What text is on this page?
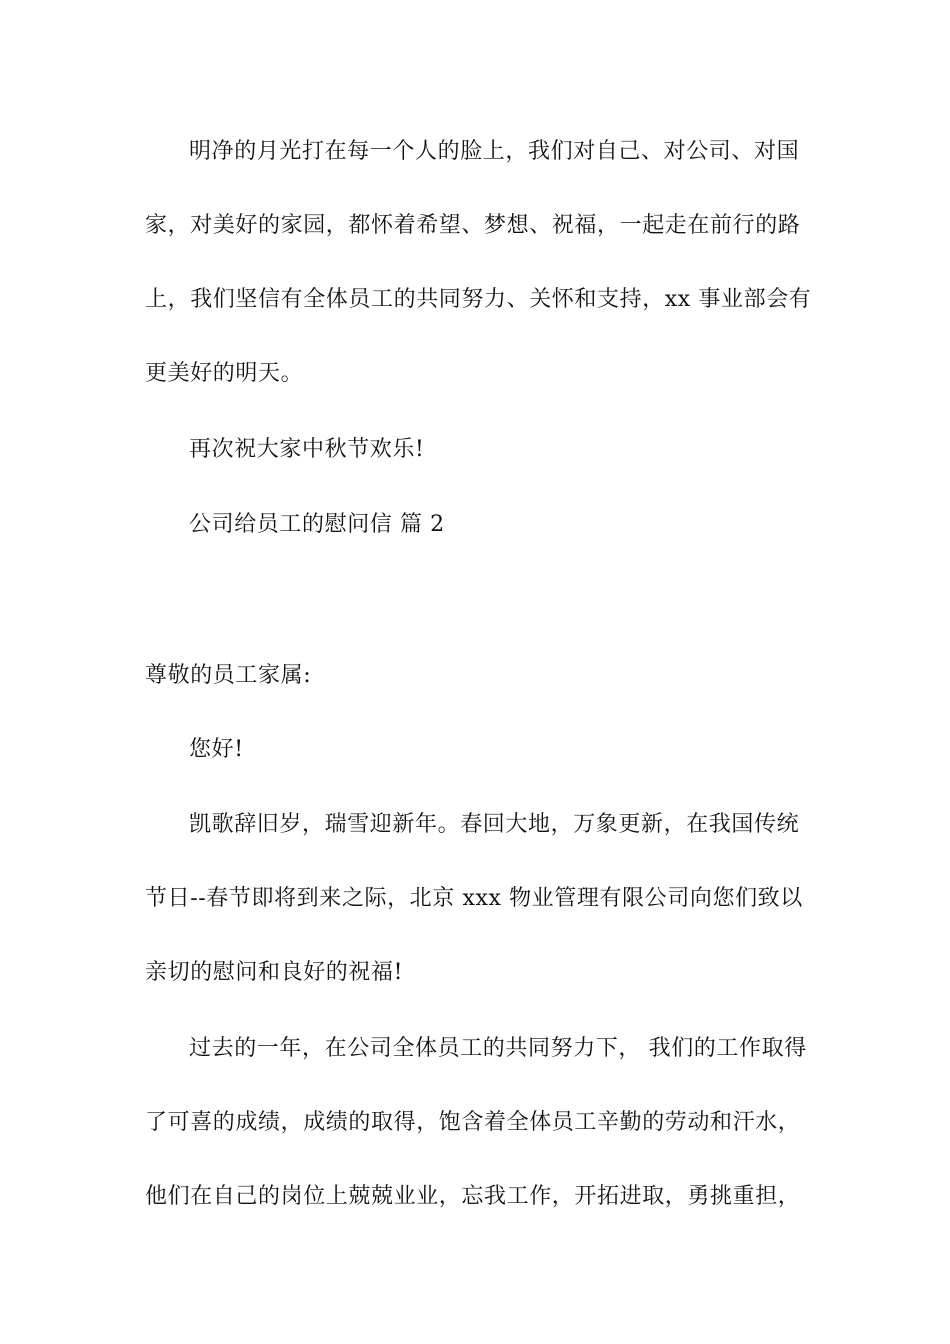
明净的月光打在每一个人的脸上，我们对自己、对公司、对国
家，对美好的家园，都怀着希望、梦想、祝福，一起走在前行的路
上，我们坚信有全体员工的共同努力、关怀和支持，xx 事业部会有
更美好的明天。
再次祝大家中秋节欢乐!
公司给员工的慰问信 篇 2
尊敬的员工家属:
您好!
凯歌辞旧岁，瑞雪迎新年。春回大地，万象更新，在我国传统
节日--春节即将到来之际，北京 xxx 物业管理有限公司向您们致以
亲切的慰问和良好的祝福!
过去的一年，在公司全体员工的共同努力下， 我们的工作取得
了可喜的成绩，成绩的取得，饱含着全体员工辛勤的劳动和汗水，
他们在自己的岗位上兢兢业业，忘我工作，开拓进取，勇挑重担，
